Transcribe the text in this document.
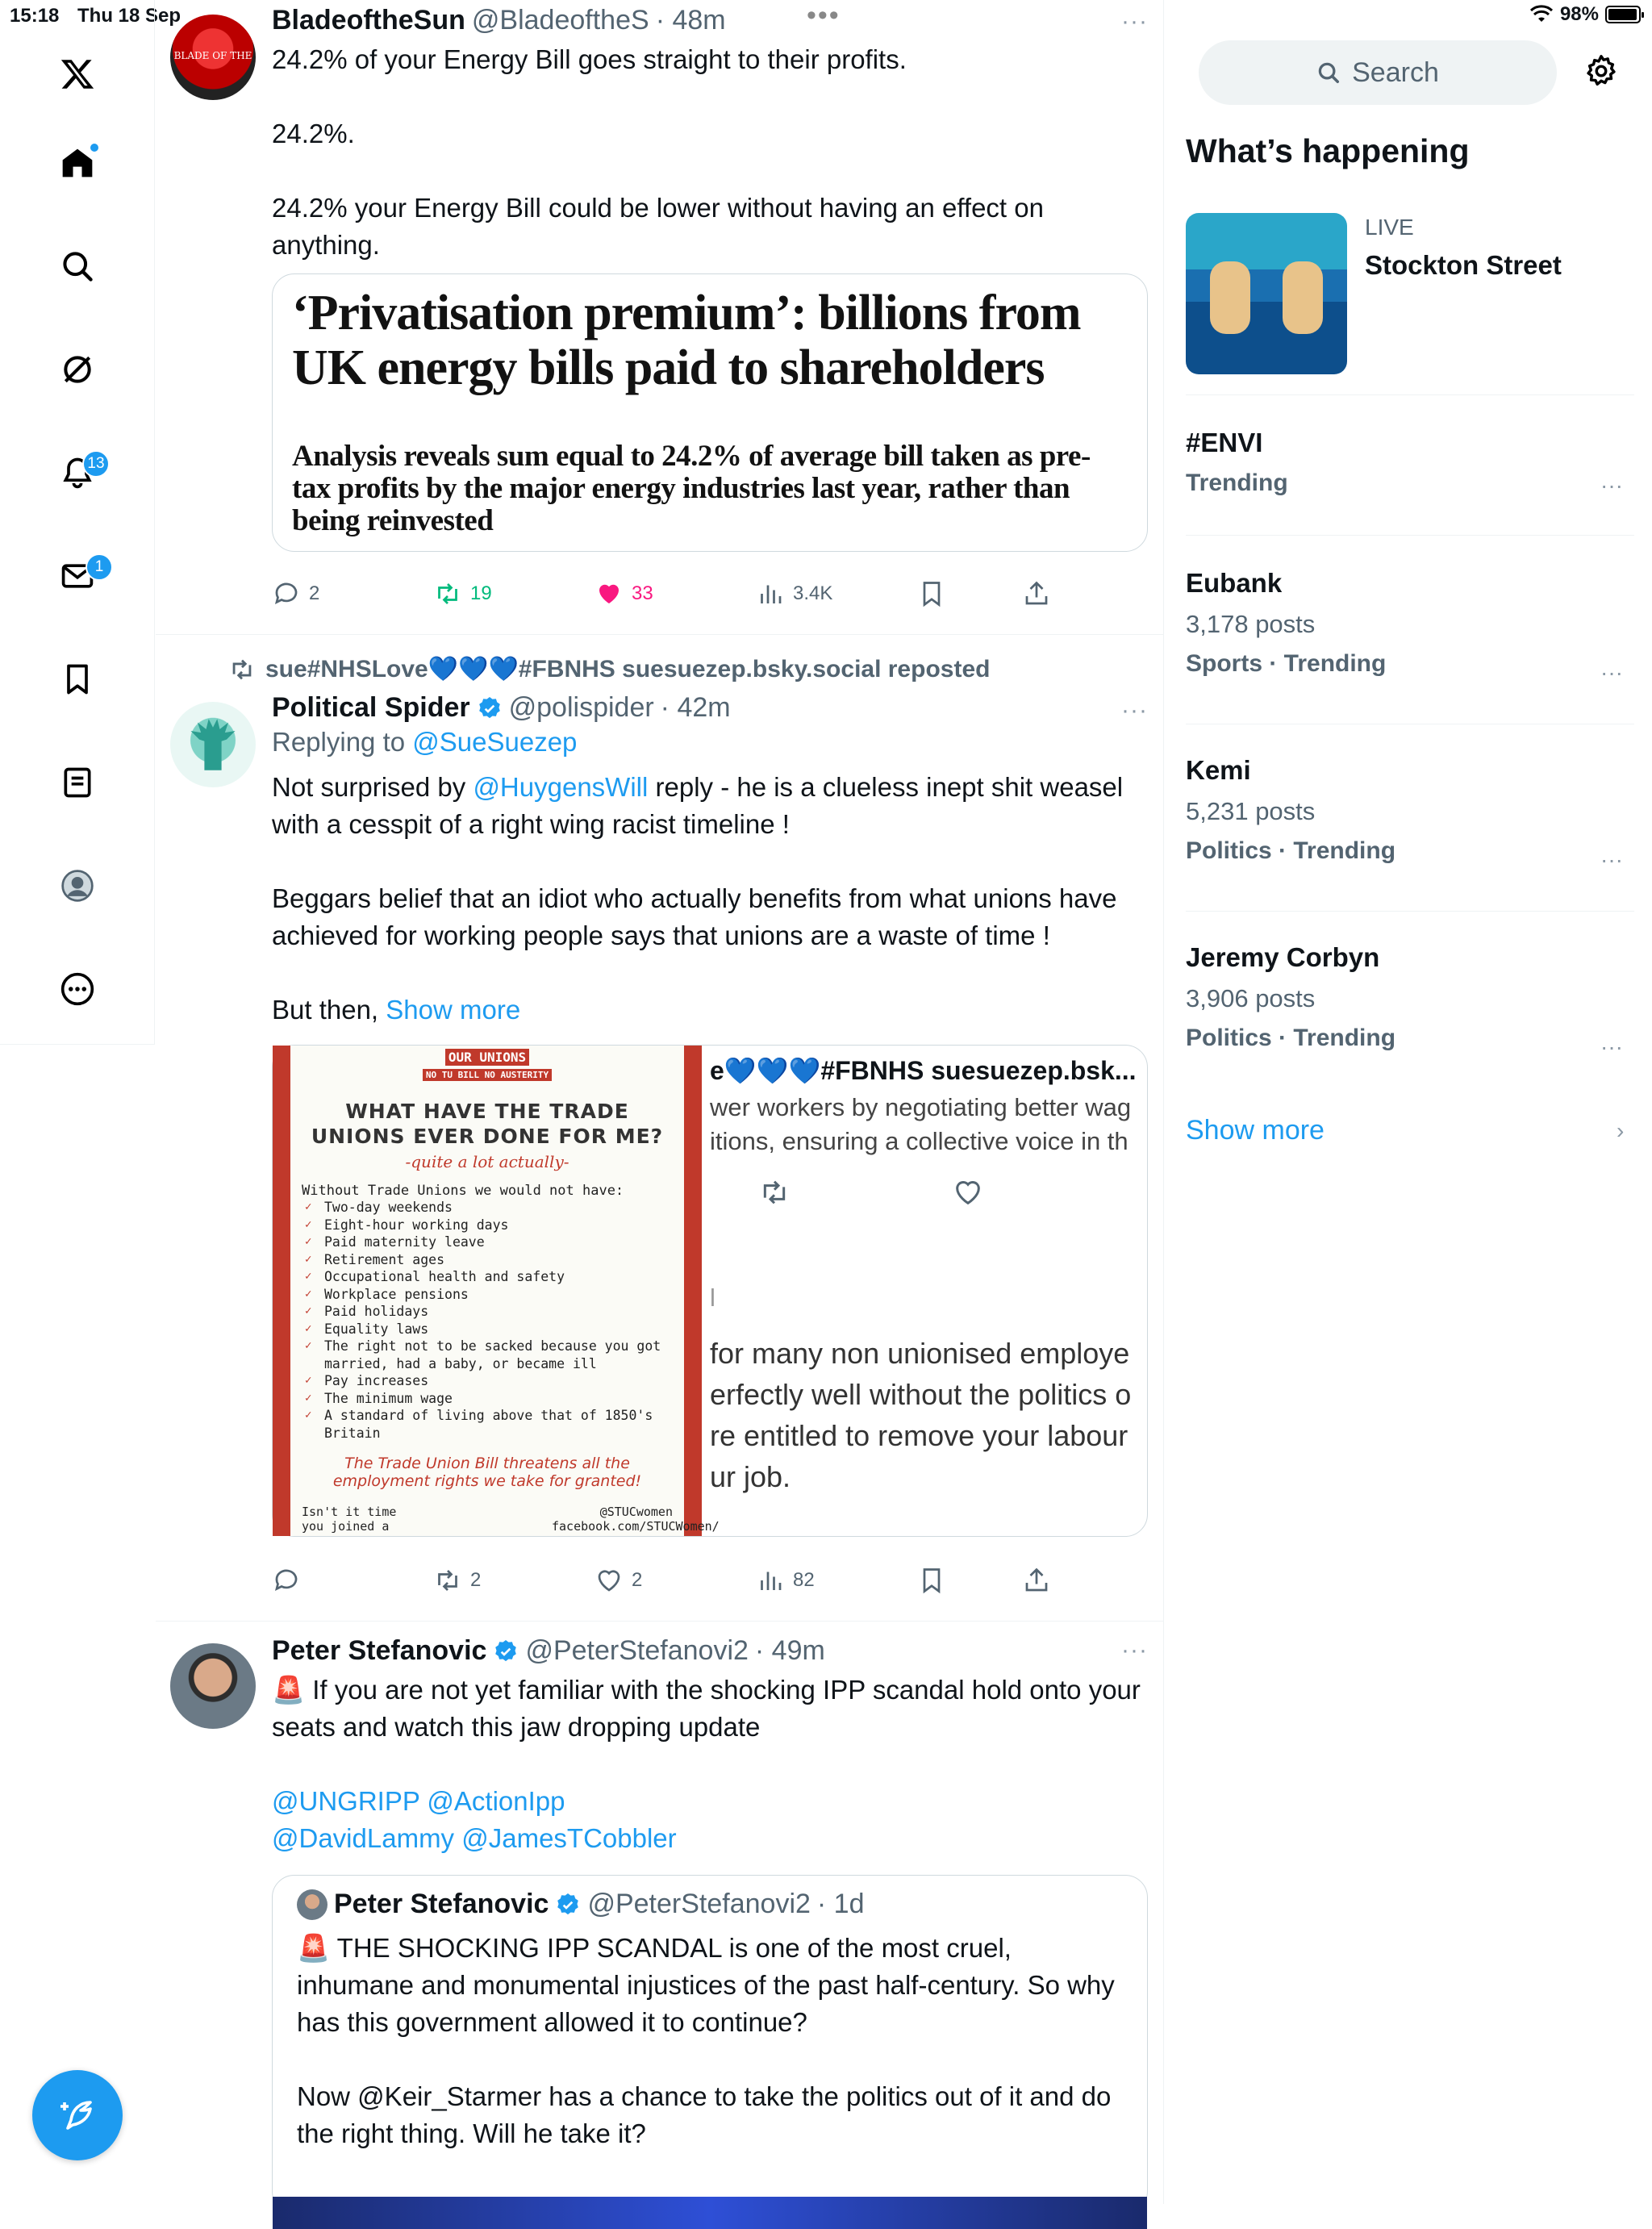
15:18 Thu 18 Sep	•••	98%
13
1
BLADE OF THE
BladeoftheSun @BladeoftheS · 48m
24.2% of your Energy Bill goes straight to their profits.

24.2%.

24.2% your Energy Bill could be lower without having an effect on anything.
‘Privatisation premium’: billions from UK energy bills paid to shareholders
Analysis reveals sum equal to 24.2% of average bill taken as pre-tax profits by the major energy industries last year, rather than being reinvested
···
2	19	33	3.4K
sue#NHSLove💙💙💙#FBNHS suesuezep.bsky.social reposted
Political Spider @polispider · 42m
Replying to @SueSuezep
Not surprised by @HuygensWill reply - he is a clueless inept shit weasel with a cesspit of a right wing racist timeline !

Beggars belief that an idiot who actually benefits from what unions have achieved for working people says that unions are a waste of time !

But then, Show more
OUR UNIONS
NO TU BILL NO AUSTERITY
WHAT HAVE THE TRADE UNIONS EVER DONE FOR ME?
-quite a lot actually-
Without Trade Unions we would not have:
✓ Two-day weekends
✓ Eight-hour working days
✓ Paid maternity leave
✓ Retirement ages
✓ Occupational health and safety
✓ Workplace pensions
✓ Paid holidays
✓ Equality laws
✓ The right not to be sacked because you got married, had a baby, or became ill
✓ Pay increases
✓ The minimum wage
✓ A standard of living above that of 1850's Britain
The Trade Union Bill threatens all the employment rights we take for granted!
Isn't it time you joined a
@STUCwomen facebook.com/STUCWomen/
e💙💙💙#FBNHS suesuezep.bsk...
wer workers by negotiating better wag
itions, ensuring a collective voice in th
l
for many non unionised employe
erfectly well without the politics o
re entitled to remove your labour
ur job.
···
2	2	82
Peter Stefanovic @PeterStefanovi2 · 49m
🚨 If you are not yet familiar with the shocking IPP scandal hold onto your seats and watch this jaw dropping update
@UNGRIPP @ActionIpp
@DavidLammy @JamesTCobbler
Peter Stefanovic @PeterStefanovi2 · 1d
🚨 THE SHOCKING IPP SCANDAL is one of the most cruel, inhumane and monumental injustices of the past half-century. So why has this government allowed it to continue?

Now @Keir_Starmer has a chance to take the politics out of it and do the right thing. Will he take it?
···
Search
What’s happening
LIVE
Stockton Street
#ENVI
Trending	···
Eubank
3,178 posts
Sports · Trending	···
Kemi
5,231 posts
Politics · Trending	···
Jeremy Corbyn
3,906 posts
Politics · Trending	···
Show more	›
